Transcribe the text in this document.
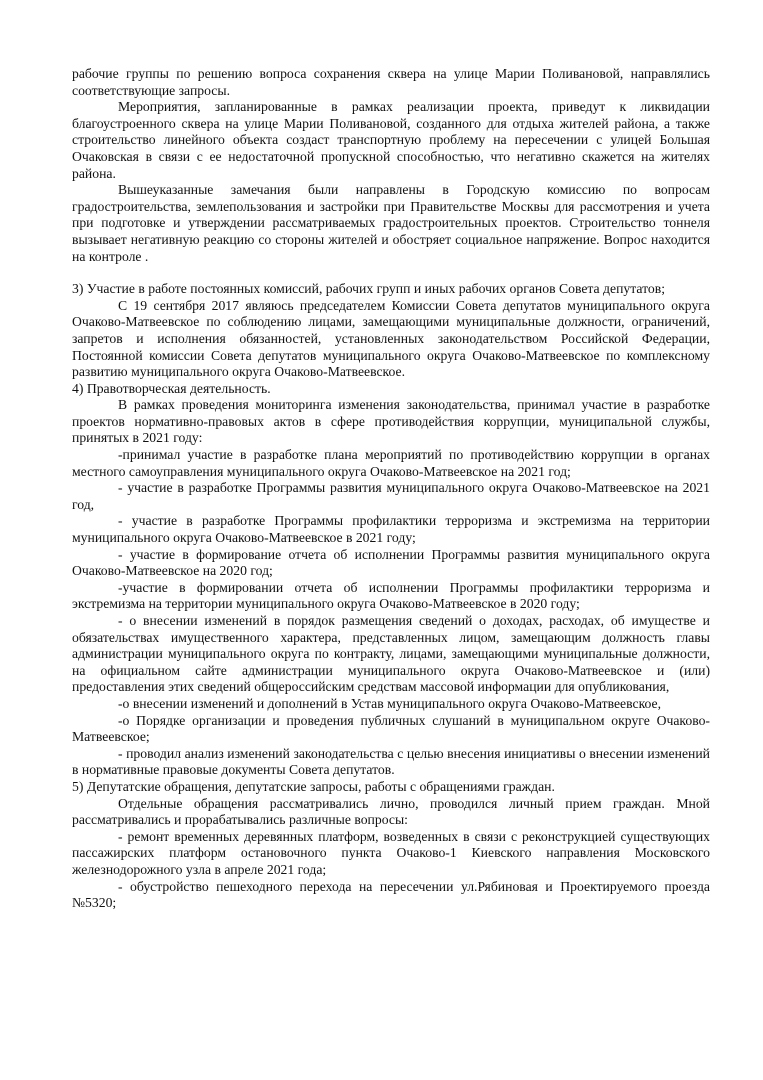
рабочие группы по решению вопроса сохранения сквера на улице Марии Поливановой, направлялись соответствующие запросы.

Мероприятия, запланированные в рамках реализации проекта, приведут к ликвидации благоустроенного сквера на улице Марии Поливановой, созданного для отдыха жителей района, а также строительство линейного объекта создаст транспортную проблему на пересечении с улицей Большая Очаковская в связи с ее недостаточной пропускной способностью, что негативно скажется на жителях района.

Вышеуказанные замечания были направлены в Городскую комиссию по вопросам градостроительства, землепользования и застройки при Правительстве Москвы для рассмотрения и учета при подготовке и утверждении рассматриваемых градостроительных проектов. Строительство тоннеля вызывает негативную реакцию со стороны жителей и обостряет социальное напряжение. Вопрос находится на контроле .

3) Участие в работе постоянных комиссий, рабочих групп и иных рабочих органов Совета депутатов;

С 19 сентября 2017 являюсь председателем Комиссии Совета депутатов муниципального округа Очаково-Матвеевское по соблюдению лицами, замещающими муниципальные должности, ограничений, запретов и исполнения обязанностей, установленных законодательством Российской Федерации, Постоянной комиссии Совета депутатов муниципального округа Очаково-Матвеевское по комплексному развитию муниципального округа Очаково-Матвеевское.

4) Правотворческая деятельность.

В рамках проведения мониторинга изменения законодательства, принимал участие в разработке проектов нормативно-правовых актов в сфере противодействия коррупции, муниципальной службы, принятых в 2021 году:

-принимал участие в разработке плана мероприятий по противодействию коррупции в органах местного самоуправления муниципального округа Очаково-Матвеевское на 2021 год;

- участие в разработке Программы развития муниципального округа Очаково-Матвеевское на 2021 год,

- участие в разработке Программы профилактики терроризма и экстремизма на территории муниципального округа Очаково-Матвеевское в 2021 году;

- участие в формирование отчета об исполнении Программы развития муниципального округа Очаково-Матвеевское на 2020 год;

-участие в формировании отчета об исполнении Программы профилактики терроризма и экстремизма на территории муниципального округа Очаково-Матвеевское в 2020 году;

- о внесении изменений в порядок размещения сведений о доходах, расходах, об имуществе и обязательствах имущественного характера, представленных лицом, замещающим должность главы администрации муниципального округа по контракту, лицами, замещающими муниципальные должности, на официальном сайте администрации муниципального округа Очаково-Матвеевское и (или) предоставления этих сведений общероссийским средствам массовой информации для опубликования,

-о внесении изменений и дополнений в Устав муниципального округа Очаково-Матвеевское,

-о Порядке организации и проведения публичных слушаний в муниципальном округе Очаково-Матвеевское;

- проводил анализ изменений законодательства с целью внесения инициативы о внесении изменений в нормативные правовые документы Совета депутатов.

5) Депутатские обращения, депутатские запросы, работы с обращениями граждан.

Отдельные обращения рассматривались лично, проводился личный прием граждан. Мной рассматривались и прорабатывались различные вопросы:

- ремонт временных деревянных платформ, возведенных в связи с реконструкцией существующих пассажирских платформ остановочного пункта Очаково-1 Киевского направления Московского железнодорожного узла в апреле 2021 года;

- обустройство пешеходного перехода на пересечении ул.Рябиновая и Проектируемого проезда №5320;
